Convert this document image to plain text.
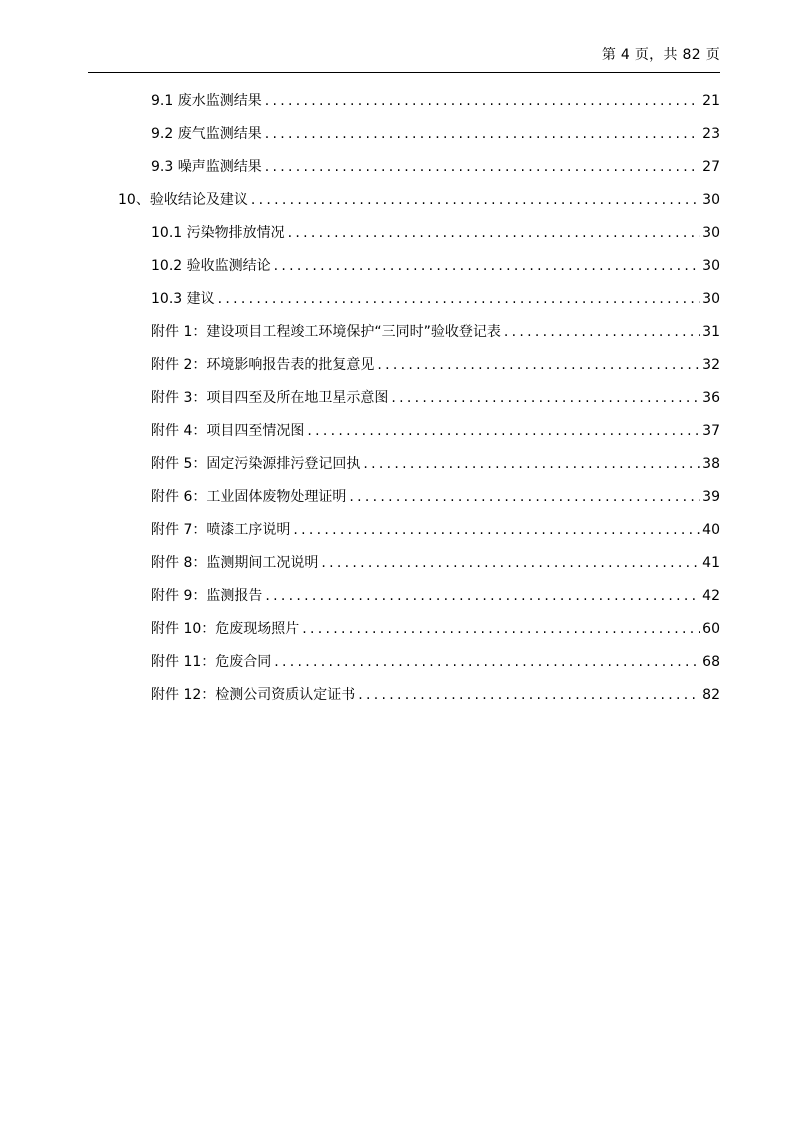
第 4 页，共 82 页
9.1 废水监测结果 .....	21
9.2 废气监测结果 .....	23
9.3 噪声监测结果 .....	27
10、验收结论及建议 .....	30
10.1 污染物排放情况 .....	30
10.2 验收监测结论 .....	30
10.3 建议 .....	30
附件 1：建设项目工程竣工环境保护“三同时”验收登记表 .....	31
附件 2：环境影响报告表的批复意见 .....	32
附件 3：项目四至及所在地卫星示意图 .....	36
附件 4：项目四至情况图 .....	37
附件 5：固定污染源排污登记回执 .....	38
附件 6：工业固体废物处理证明 .....	39
附件 7：喷漆工序说明 .....	40
附件 8：监测期间工况说明 .....	41
附件 9：监测报告 .....	42
附件 10：危废现场照片 .....	60
附件 11：危废合同 .....	68
附件 12：检测公司资质认定证书 .....	82
